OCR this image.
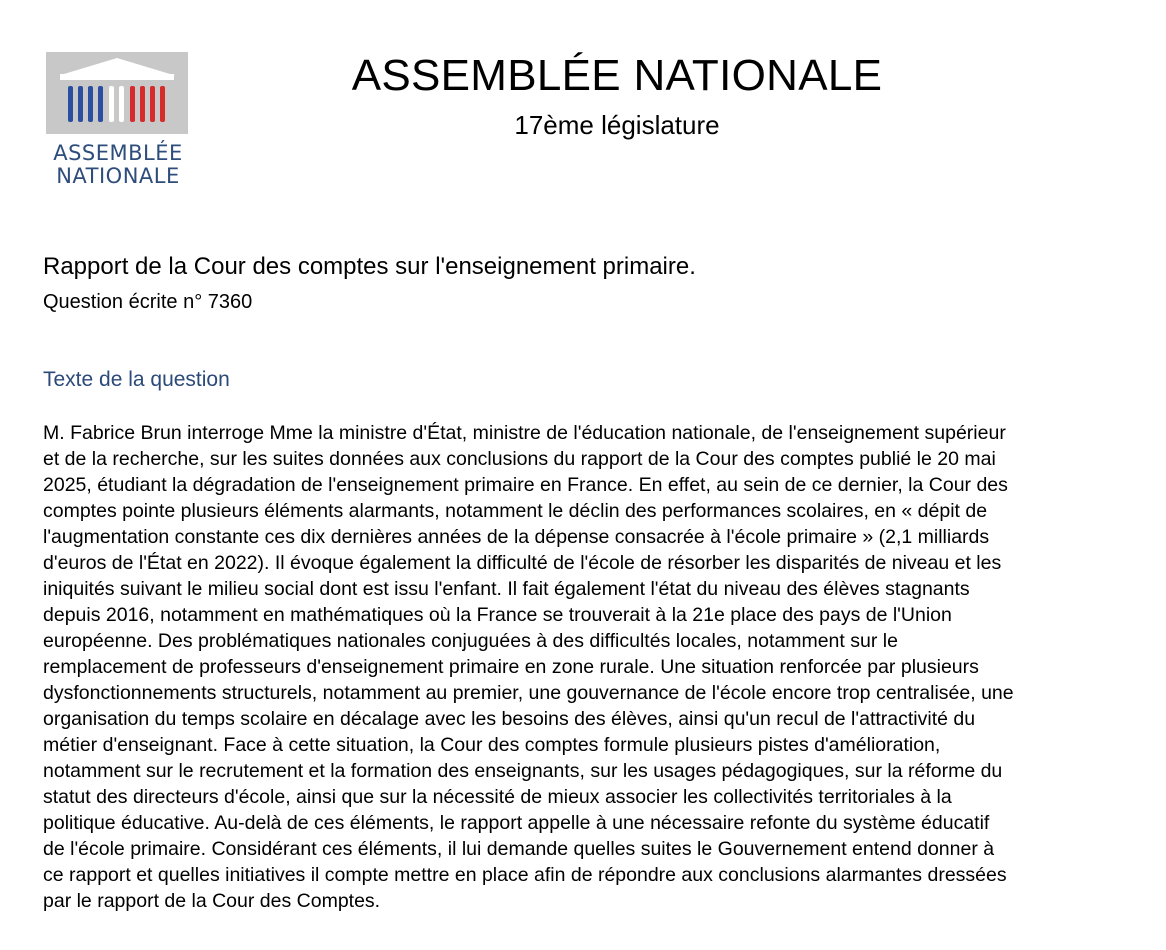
ASSEMBLÉE
NATIONALE
ASSEMBLÉE NATIONALE
17ème législature
Rapport de la Cour des comptes sur l'enseignement primaire.
Question écrite n° 7360
Texte de la question
M. Fabrice Brun interroge Mme la ministre d'État, ministre de l'éducation nationale, de l'enseignement supérieur
et de la recherche, sur les suites données aux conclusions du rapport de la Cour des comptes publié le 20 mai
2025, étudiant la dégradation de l'enseignement primaire en France. En effet, au sein de ce dernier, la Cour des
comptes pointe plusieurs éléments alarmants, notamment le déclin des performances scolaires, en « dépit de
l'augmentation constante ces dix dernières années de la dépense consacrée à l'école primaire » (2,1 milliards
d'euros de l'État en 2022). Il évoque également la difficulté de l'école de résorber les disparités de niveau et les
iniquités suivant le milieu social dont est issu l'enfant. Il fait également l'état du niveau des élèves stagnants
depuis 2016, notamment en mathématiques où la France se trouverait à la 21e place des pays de l'Union
européenne. Des problématiques nationales conjuguées à des difficultés locales, notamment sur le
remplacement de professeurs d'enseignement primaire en zone rurale. Une situation renforcée par plusieurs
dysfonctionnements structurels, notamment au premier, une gouvernance de l'école encore trop centralisée, une
organisation du temps scolaire en décalage avec les besoins des élèves, ainsi qu'un recul de l'attractivité du
métier d'enseignant. Face à cette situation, la Cour des comptes formule plusieurs pistes d'amélioration,
notamment sur le recrutement et la formation des enseignants, sur les usages pédagogiques, sur la réforme du
statut des directeurs d'école, ainsi que sur la nécessité de mieux associer les collectivités territoriales à la
politique éducative. Au-delà de ces éléments, le rapport appelle à une nécessaire refonte du système éducatif
de l'école primaire. Considérant ces éléments, il lui demande quelles suites le Gouvernement entend donner à
ce rapport et quelles initiatives il compte mettre en place afin de répondre aux conclusions alarmantes dressées
par le rapport de la Cour des Comptes.
